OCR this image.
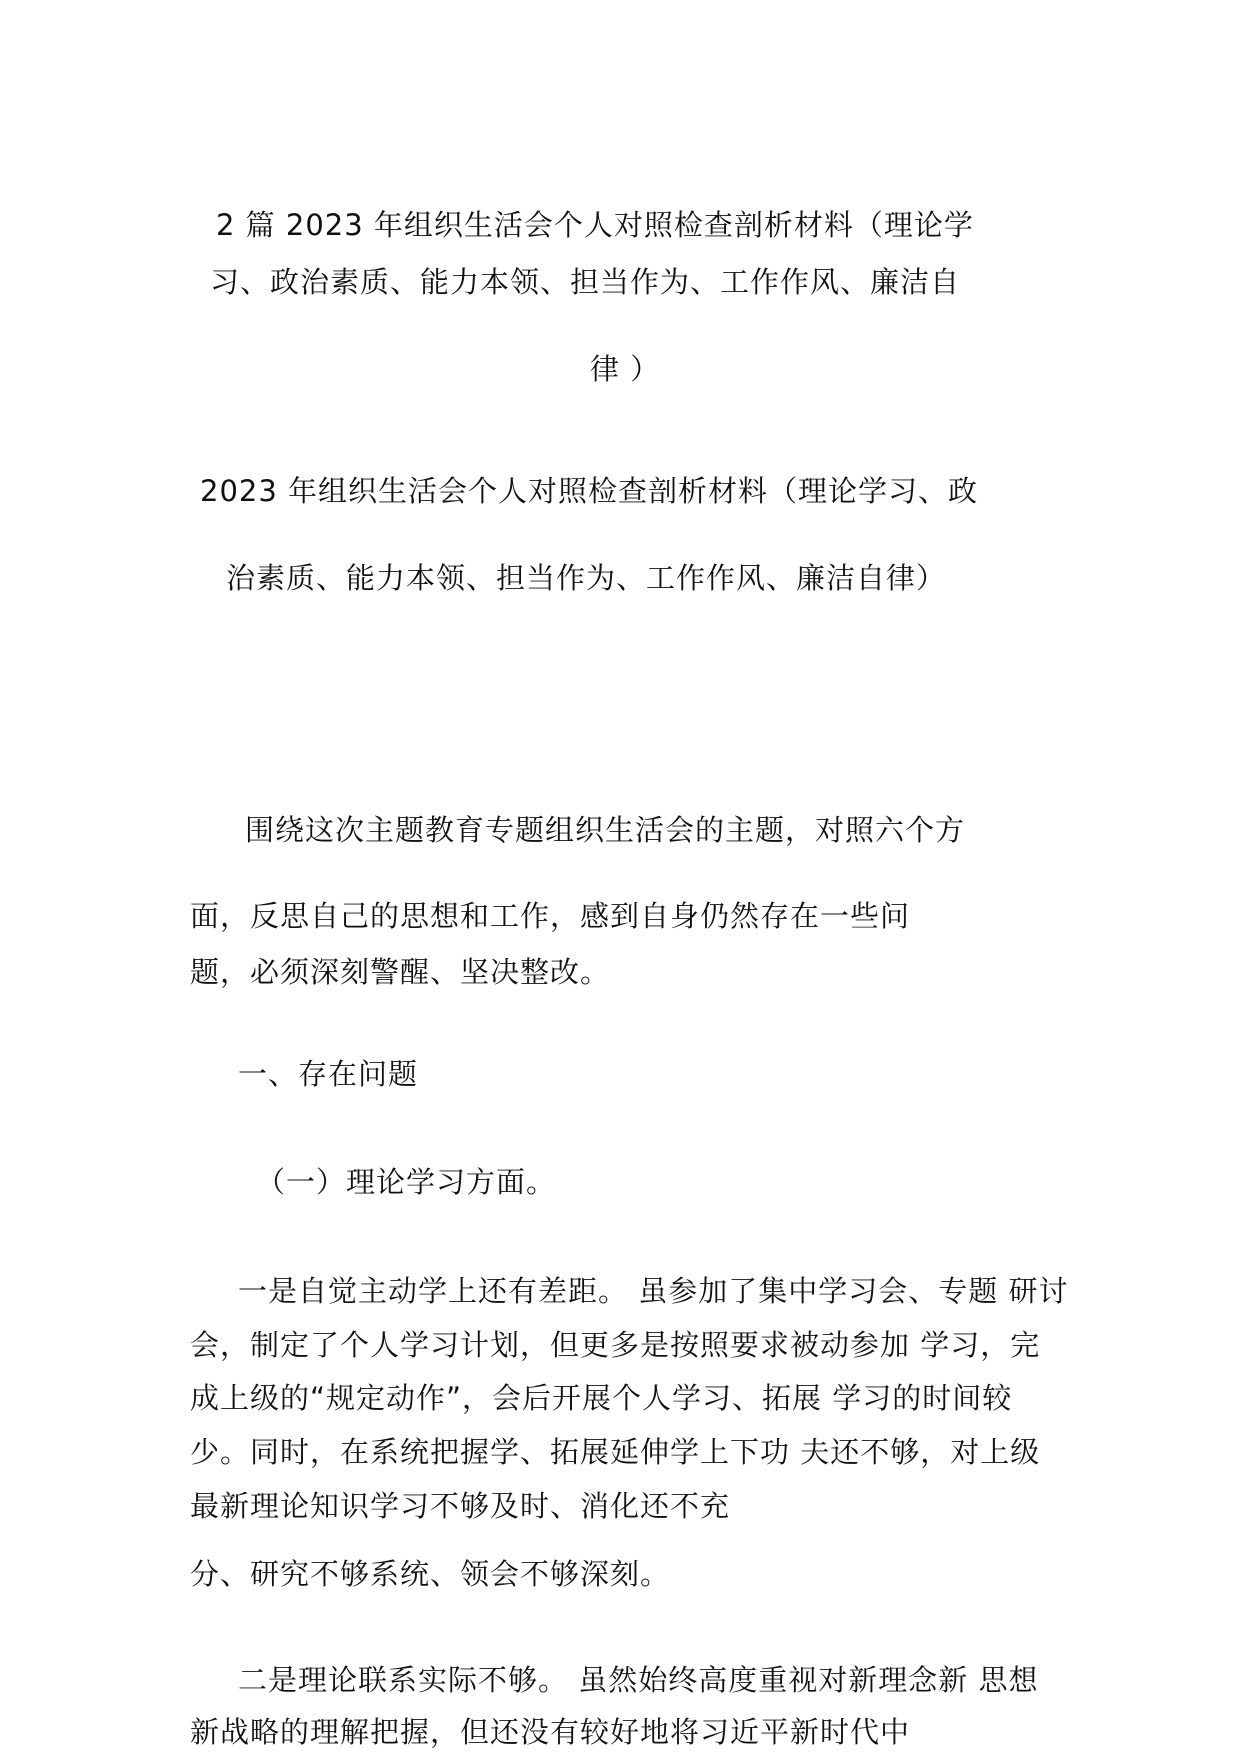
2 篇 2023 年组织生活会个人对照检查剖析材料（理论学
习、政治素质、能力本领、担当作为、工作作风、廉洁自
律 ）
2023 年组织生活会个人对照检查剖析材料（理论学习、政
治素质、能力本领、担当作为、工作作风、廉洁自律）
围绕这次主题教育专题组织生活会的主题，对照六个方
面，反思自己的思想和工作，感到自身仍然存在一些问
题，必须深刻警醒、坚决整改。
一、存在问题
（一）理论学习方面。
一是自觉主动学上还有差距。 虽参加了集中学习会、专题 研讨
会，制定了个人学习计划，但更多是按照要求被动参加 学习，完
成上级的“规定动作”，会后开展个人学习、拓展 学习的时间较
少。同时，在系统把握学、拓展延伸学上下功 夫还不够，对上级
最新理论知识学习不够及时、消化还不充
分、研究不够系统、领会不够深刻。
二是理论联系实际不够。 虽然始终高度重视对新理念新 思想
新战略的理解把握，但还没有较好地将习近平新时代中
